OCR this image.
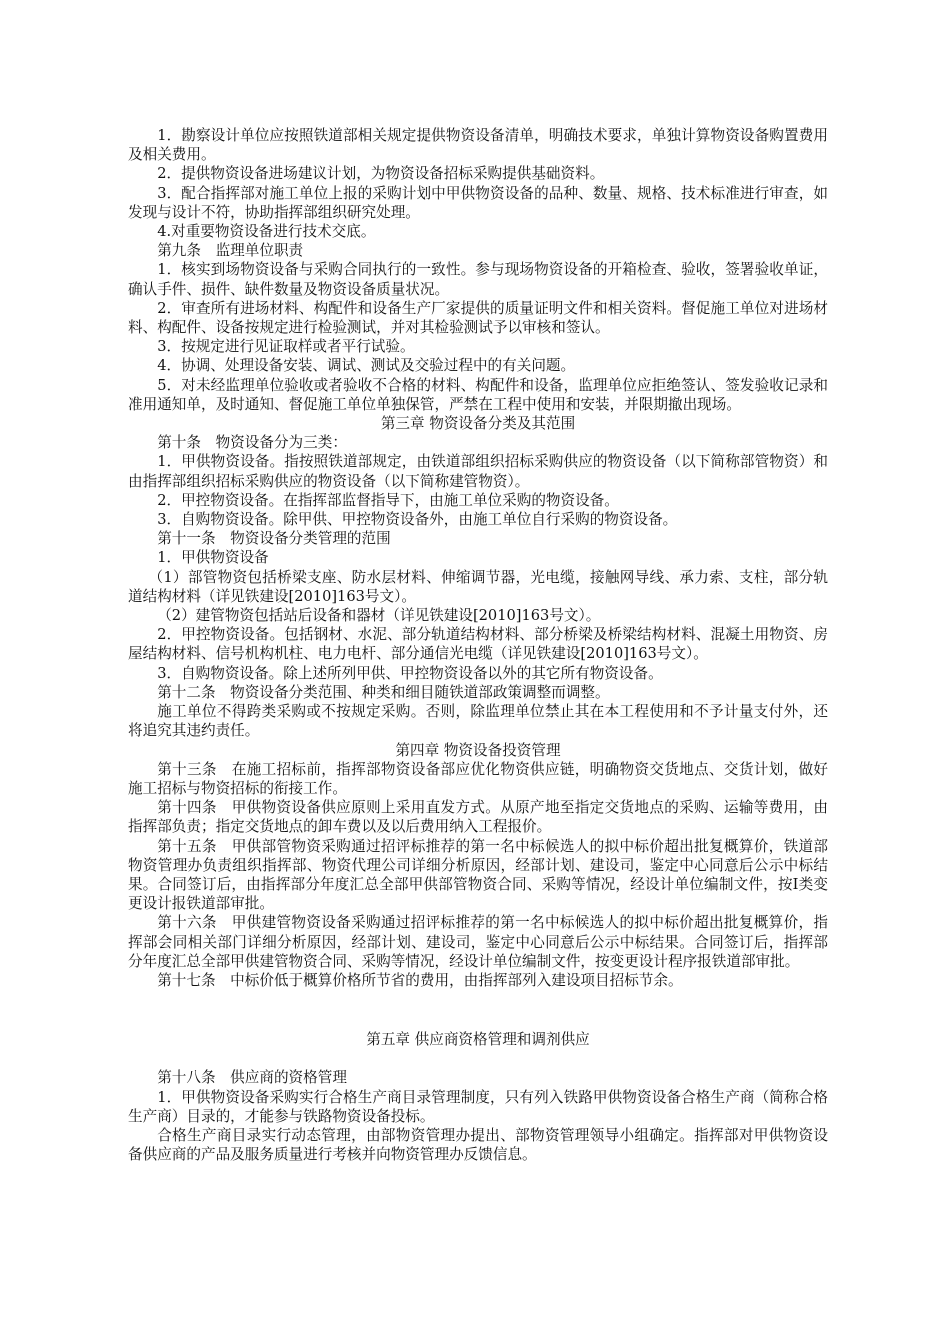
1．勘察设计单位应按照铁道部相关规定提供物资设备清单，明确技术要求，单独计算物资设备购置费用及相关费用。

2．提供物资设备进场建议计划，为物资设备招标采购提供基础资料。

3．配合指挥部对施工单位上报的采购计划中甲供物资设备的品种、数量、规格、技术标准进行审查，如发现与设计不符，协助指挥部组织研究处理。

4.对重要物资设备进行技术交底。

第九条　监理单位职责

1．核实到场物资设备与采购合同执行的一致性。参与现场物资设备的开箱检查、验收，签署验收单证，确认手件、损件、缺件数量及物资设备质量状况。

2．审查所有进场材料、构配件和设备生产厂家提供的质量证明文件和相关资料。督促施工单位对进场材料、构配件、设备按规定进行检验测试，并对其检验测试予以审核和签认。

3．按规定进行见证取样或者平行试验。

4．协调、处理设备安装、调试、测试及交验过程中的有关问题。

5．对未经监理单位验收或者验收不合格的材料、构配件和设备，监理单位应拒绝签认、签发验收记录和准用通知单，及时通知、督促施工单位单独保管，严禁在工程中使用和安装，并限期撤出现场。

第三章 物资设备分类及其范围

第十条　物资设备分为三类：

1．甲供物资设备。指按照铁道部规定，由铁道部组织招标采购供应的物资设备（以下简称部管物资）和由指挥部组织招标采购供应的物资设备（以下简称建管物资）。

2．甲控物资设备。在指挥部监督指导下，由施工单位采购的物资设备。

3．自购物资设备。除甲供、甲控物资设备外，由施工单位自行采购的物资设备。

第十一条　物资设备分类管理的范围

1．甲供物资设备

（1）部管物资包括桥梁支座、防水层材料、伸缩调节器，光电缆，接触网导线、承力索、支柱，部分轨道结构材料（详见铁建设[2010]163号文）。

（2）建管物资包括站后设备和器材（详见铁建设[2010]163号文）。

2．甲控物资设备。包括钢材、水泥、部分轨道结构材料、部分桥梁及桥梁结构材料、混凝土用物资、房屋结构材料、信号机构机柱、电力电杆、部分通信光电缆（详见铁建设[2010]163号文）。

3．自购物资设备。除上述所列甲供、甲控物资设备以外的其它所有物资设备。

第十二条　物资设备分类范围、种类和细目随铁道部政策调整而调整。

施工单位不得跨类采购或不按规定采购。否则，除监理单位禁止其在本工程使用和不予计量支付外，还将追究其违约责任。

第四章 物资设备投资管理

第十三条　在施工招标前，指挥部物资设备部应优化物资供应链，明确物资交货地点、交货计划，做好施工招标与物资招标的衔接工作。

第十四条　甲供物资设备供应原则上采用直发方式。从原产地至指定交货地点的采购、运输等费用，由指挥部负责；指定交货地点的卸车费以及以后费用纳入工程报价。

第十五条　甲供部管物资采购通过招评标推荐的第一名中标候选人的拟中标价超出批复概算价，铁道部物资管理办负责组织指挥部、物资代理公司详细分析原因，经部计划、建设司，鉴定中心同意后公示中标结果。合同签订后，由指挥部分年度汇总全部甲供部管物资合同、采购等情况，经设计单位编制文件，按Ⅰ类变更设计报铁道部审批。

第十六条　甲供建管物资设备采购通过招评标推荐的第一名中标候选人的拟中标价超出批复概算价，指挥部会同相关部门详细分析原因，经部计划、建设司，鉴定中心同意后公示中标结果。合同签订后，指挥部分年度汇总全部甲供建管物资合同、采购等情况，经设计单位编制文件，按变更设计程序报铁道部审批。

第十七条　中标价低于概算价格所节省的费用，由指挥部列入建设项目招标节余。

第五章 供应商资格管理和调剂供应

第十八条　供应商的资格管理

1．甲供物资设备采购实行合格生产商目录管理制度，只有列入铁路甲供物资设备合格生产商（简称合格生产商）目录的，才能参与铁路物资设备投标。

合格生产商目录实行动态管理，由部物资管理办提出、部物资管理领导小组确定。指挥部对甲供物资设备供应商的产品及服务质量进行考核并向物资管理办反馈信息。
